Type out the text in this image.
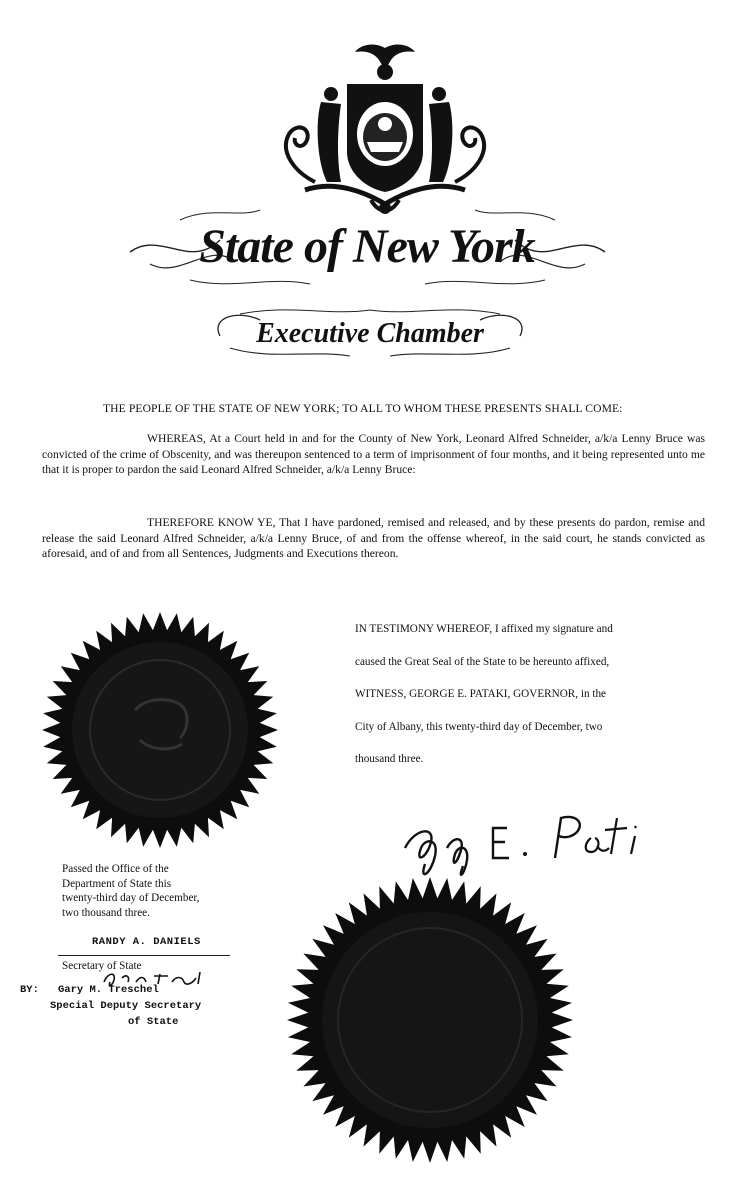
State of New York
Executive Chamber
THE PEOPLE OF THE STATE OF NEW YORK; TO ALL TO WHOM THESE PRESENTS SHALL COME:
WHEREAS, At a Court held in and for the County of New York, Leonard Alfred Schneider, a/k/a Lenny Bruce was convicted of the crime of Obscenity, and was thereupon sentenced to a term of imprisonment of four months, and it being represented unto me that it is proper to pardon the said Leonard Alfred Schneider, a/k/a Lenny Bruce:
THEREFORE KNOW YE, That I have pardoned, remised and released, and by these presents do pardon, remise and release the said Leonard Alfred Schneider, a/k/a Lenny Bruce, of and from the offense whereof, in the said court, he stands convicted as aforesaid, and of and from all Sentences, Judgments and Executions thereon.
IN TESTIMONY WHEREOF, I affixed my signature and
caused the Great Seal of the State to be hereunto affixed,
WITNESS, GEORGE E. PATAKI, GOVERNOR, in the
City of Albany, this twenty-third day of December, two
thousand three.
Passed the Office of the
Department of State this
twenty-third day of December,
two thousand three.
RANDY A. DANIELS
Secretary of State
BY: Gary M. Treschel
Special Deputy Secretary
of State
